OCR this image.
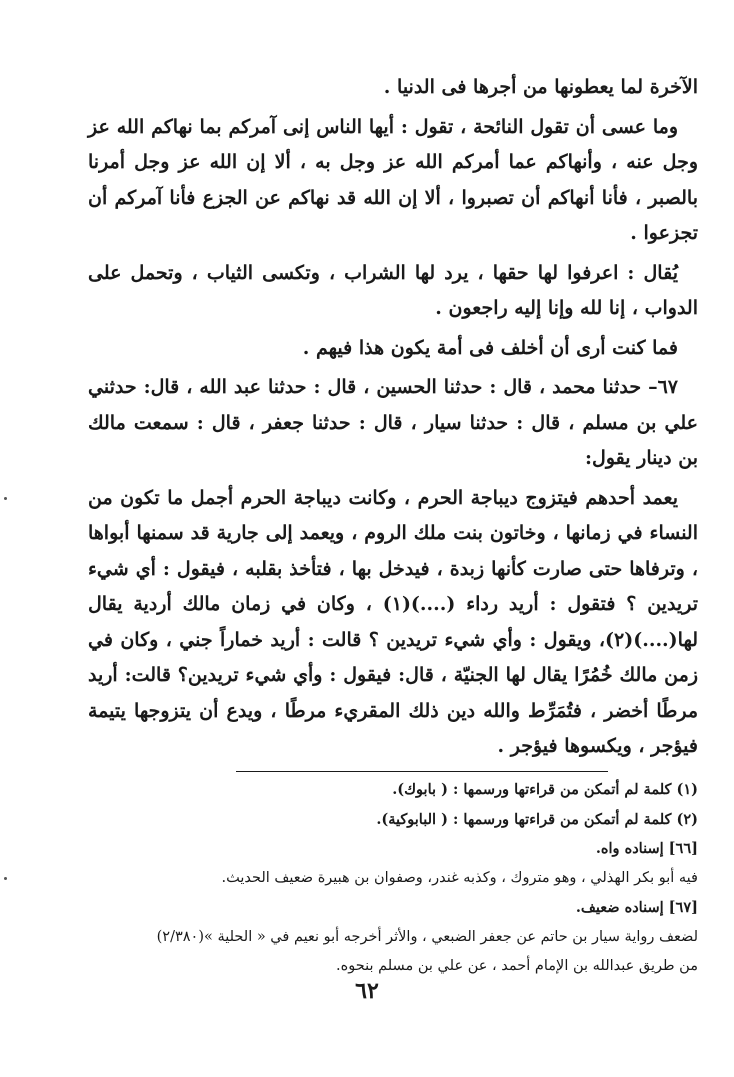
الآخرة لما يعطونها من أجرها فى الدنيا .

وما عسى أن تقول النائحة ، تقول : أيها الناس إنى آمركم بما نهاكم الله عز وجل عنه ، وأنهاكم عما أمركم الله عز وجل به ، ألا إن الله عز وجل أمرنا بالصبر ، فأنا أنهاكم أن تصبروا ، ألا إن الله قد نهاكم عن الجزع فأنا آمركم أن تجزعوا .

يُقال : اعرفوا لها حقها ، يرد لها الشراب ، وتكسى الثياب ، وتحمل على الدواب ، إنا لله وإنا إليه راجعون .

فما كنت أرى أن أخلف فى أمة يكون هذا فيهم .

٦٧– حدثنا محمد ، قال : حدثنا الحسين ، قال : حدثنا عبد الله ، قال: حدثني علي بن مسلم ، قال : حدثنا سيار ، قال : حدثنا جعفر ، قال : سمعت مالك بن دينار يقول:

يعمد أحدهم فيتزوج ديباجة الحرم ، وكانت ديباجة الحرم أجمل ما تكون من النساء في زمانها ، وخاتون بنت ملك الروم ، ويعمد إلى جارية قد سمنها أبواها ، وترفاها حتى صارت كأنها زبدة ، فيدخل بها ، فتأخذ بقلبه ، فيقول : أي شيء تريدين ؟ فتقول : أريد رداء (....)(١) ، وكان في زمان مالك أردية يقال لها(....)(٢)، ويقول : وأي شيء تريدين ؟ قالت : أريد خماراً جني ، وكان في زمن مالك خُمُرًا يقال لها الجنيّة ، قال: فيقول : وأي شيء تريدين؟ قالت: أريد مرطًا أخضر ، فتُمَرِّط والله دين ذلك المقريء مرطًا ، ويدع أن يتزوجها يتيمة فيؤجر ، ويكسوها فيؤجر .

(١) كلمة لم أتمكن من قراءتها ورسمها : ( بابوك).

(٢) كلمة لم أتمكن من قراءتها ورسمها : ( البابوكية).

[٦٦] إسناده واه.

فيه أبو بكر الهذلي ، وهو متروك ، وكذبه غندر، وصفوان بن هبيرة ضعيف الحديث.

[٦٧] إسناده ضعيف.

لضعف رواية سيار بن حاتم عن جعفر الضبعي ، والأثر أخرجه أبو نعيم في « الحلية »(٢/٣٨٠)

من طريق عبدالله بن الإمام أحمد ، عن علي بن مسلم بنحوه.

٦٢
